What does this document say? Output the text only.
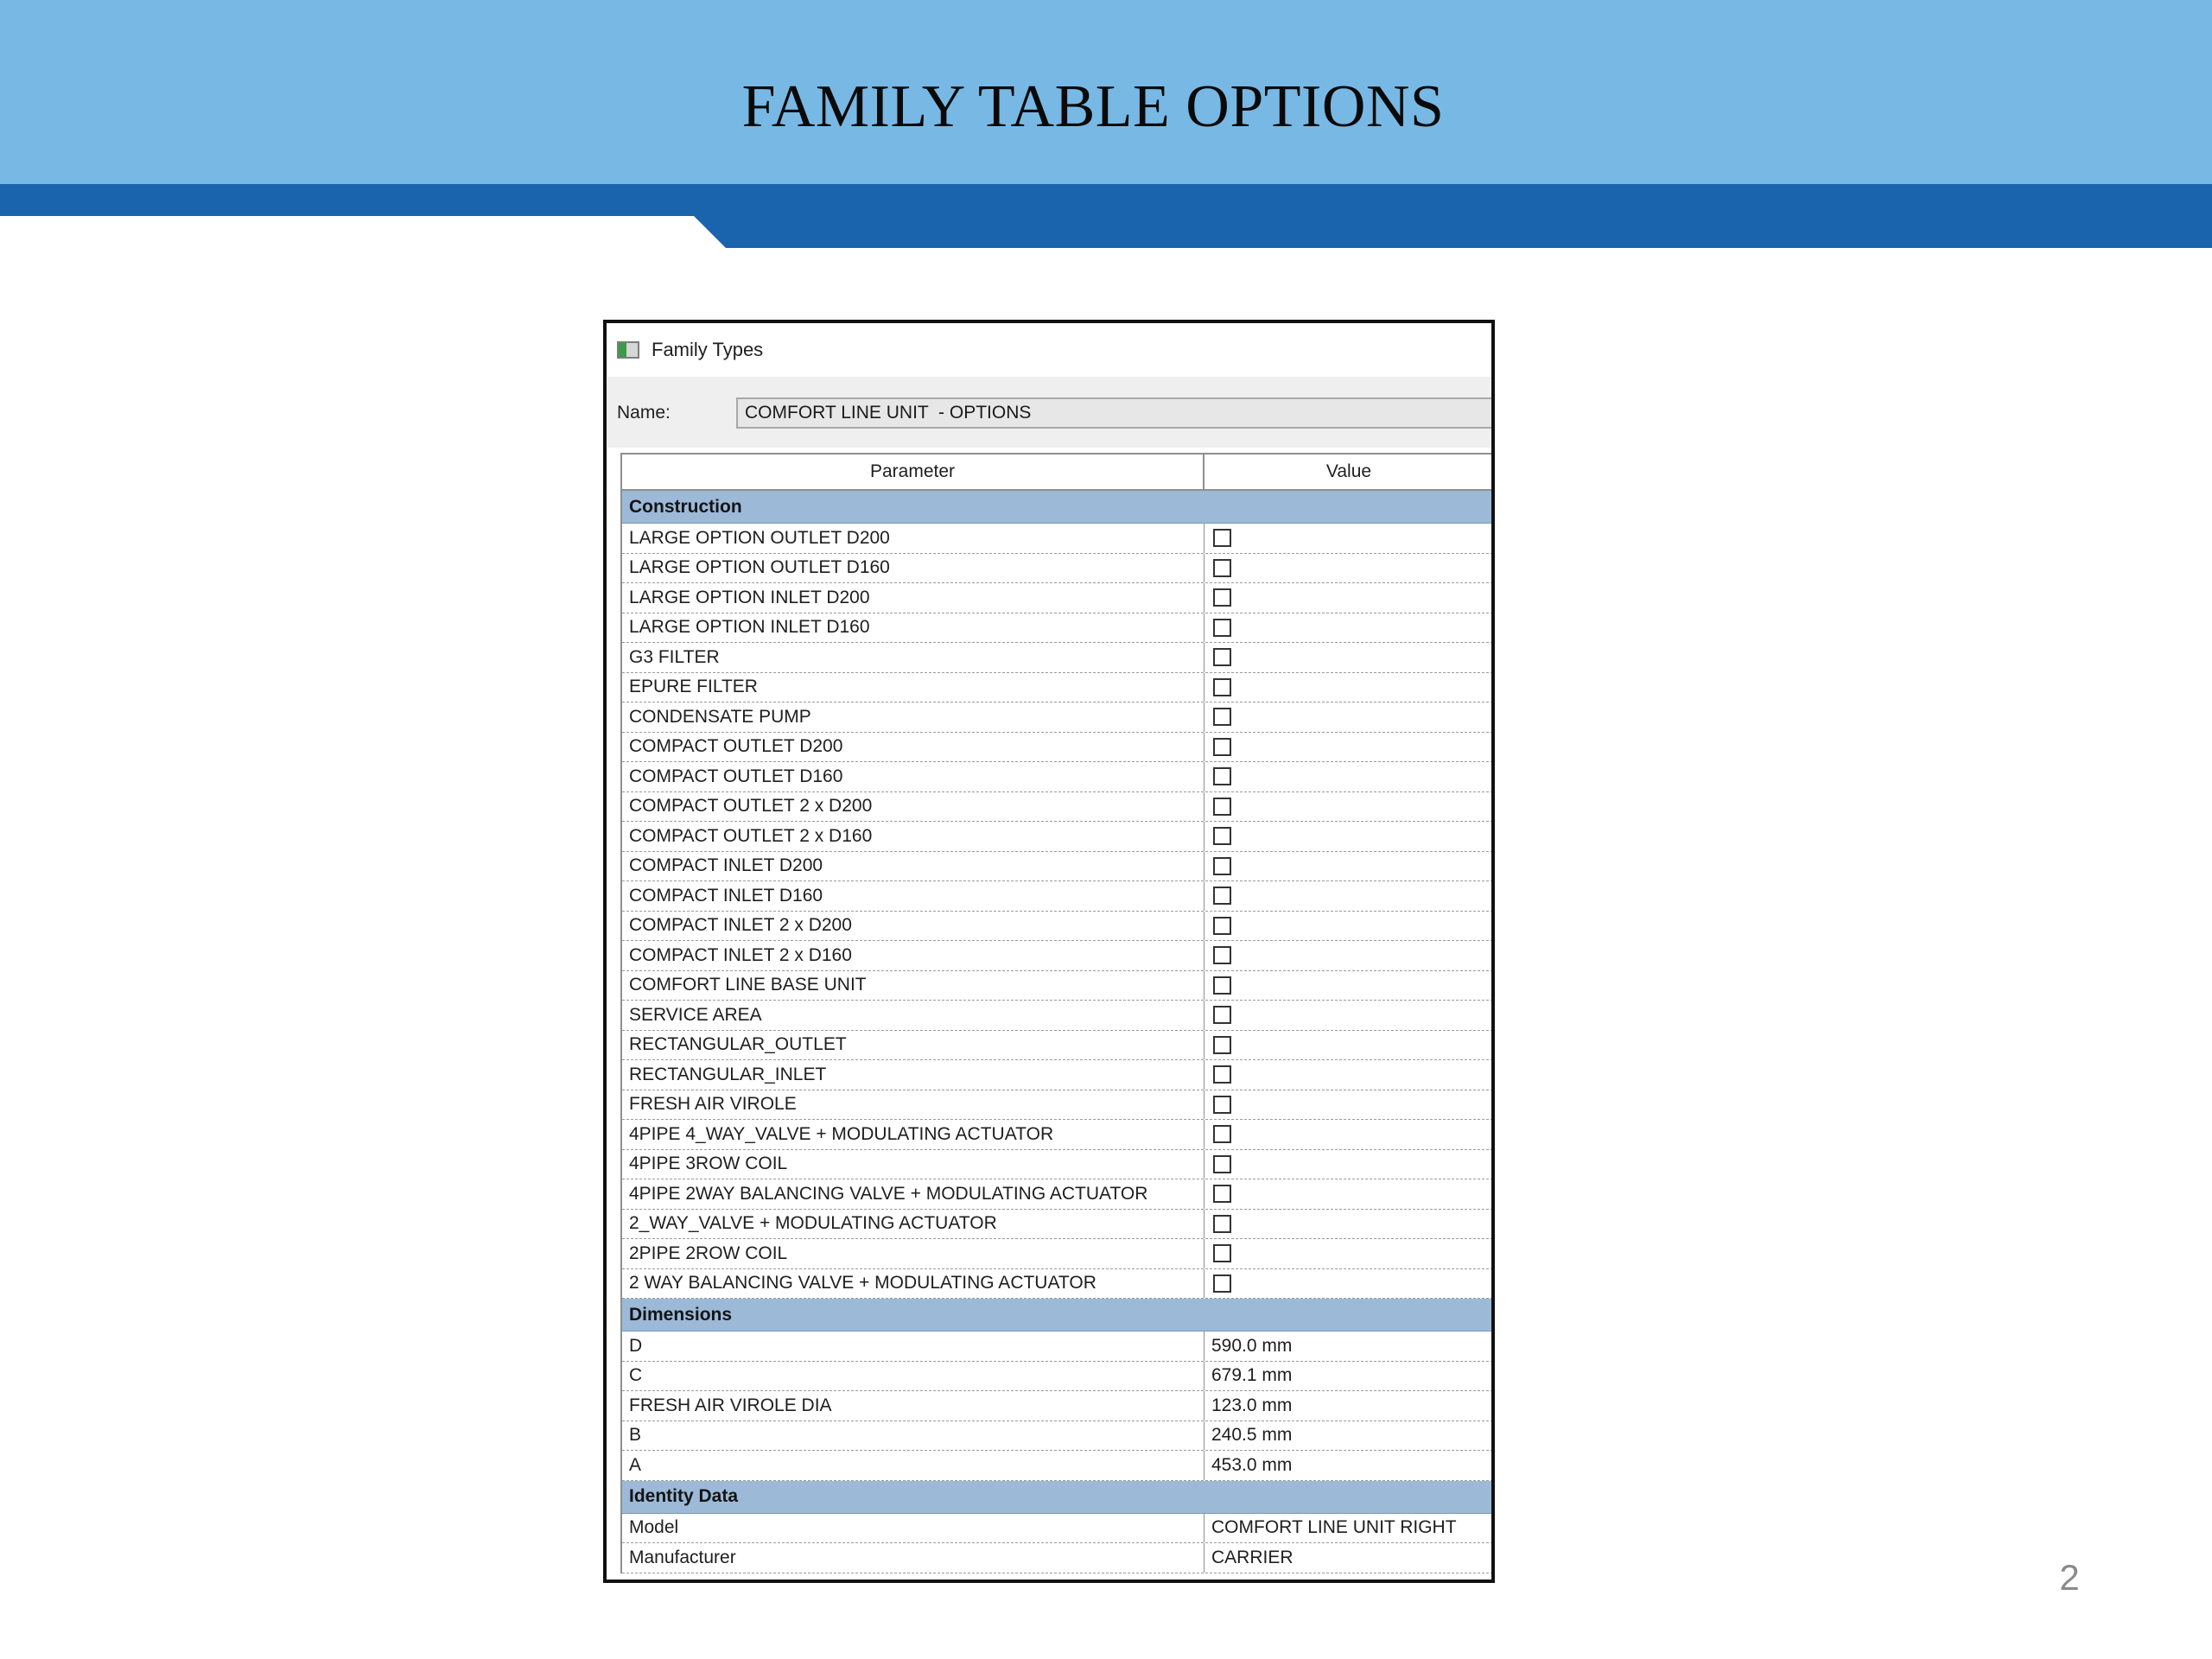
FAMILY TABLE OPTIONS
Family Types
Name:
COMFORT LINE UNIT - OPTIONS
Parameter	Value
Construction
LARGE OPTION OUTLET D200
LARGE OPTION OUTLET D160
LARGE OPTION INLET D200
LARGE OPTION INLET D160
G3 FILTER
EPURE FILTER
CONDENSATE PUMP
COMPACT OUTLET D200
COMPACT OUTLET D160
COMPACT OUTLET 2 x D200
COMPACT OUTLET 2 x D160
COMPACT INLET D200
COMPACT INLET D160
COMPACT INLET 2 x D200
COMPACT INLET 2 x D160
COMFORT LINE BASE UNIT
SERVICE AREA
RECTANGULAR_OUTLET
RECTANGULAR_INLET
FRESH AIR VIROLE
4PIPE 4_WAY_VALVE + MODULATING ACTUATOR
4PIPE 3ROW COIL
4PIPE 2WAY BALANCING VALVE + MODULATING ACTUATOR
2_WAY_VALVE + MODULATING ACTUATOR
2PIPE 2ROW COIL
2 WAY BALANCING VALVE + MODULATING ACTUATOR
Dimensions
D	590.0 mm
C	679.1 mm
FRESH AIR VIROLE DIA	123.0 mm
B	240.5 mm
A	453.0 mm
Identity Data
Model	COMFORT LINE UNIT RIGHT
Manufacturer	CARRIER	2
